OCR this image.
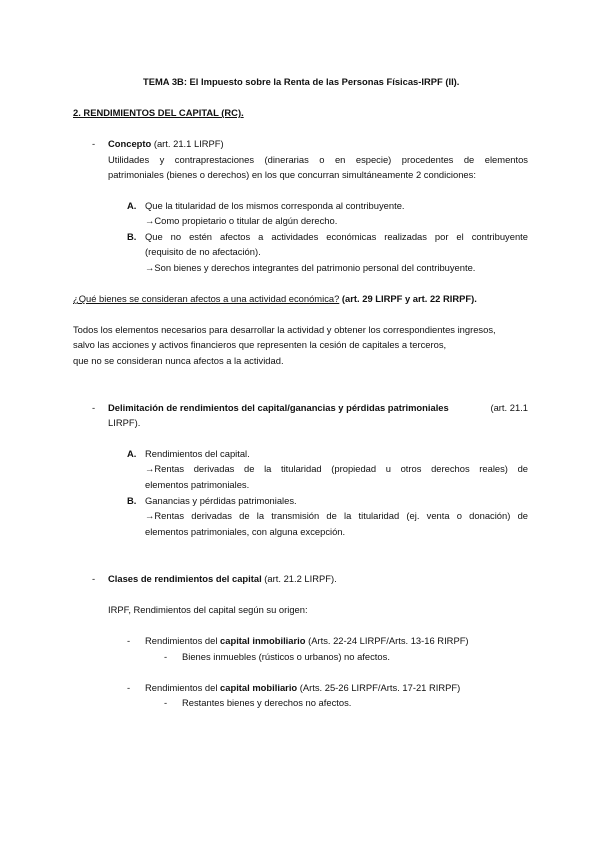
TEMA 3B: El Impuesto sobre la Renta de las Personas Físicas-IRPF (II).
2. RENDIMIENTOS DEL CAPITAL (RC).
- Concepto (art. 21.1 LIRPF)
Utilidades y contraprestaciones (dinerarias o en especie) procedentes de elementos
patrimoniales (bienes o derechos) en los que concurran simultáneamente 2 condiciones:
A. Que la titularidad de los mismos corresponda al contribuyente.
→Como propietario o titular de algún derecho.
B. Que no estén afectos a actividades económicas realizadas por el contribuyente
(requisito de no afectación).
→Son bienes y derechos integrantes del patrimonio personal del contribuyente.
¿Qué bienes se consideran afectos a una actividad económica? (art. 29 LIRPF y art. 22 RIRPF).
Todos los elementos necesarios para desarrollar la actividad y obtener los correspondientes ingresos,
salvo las acciones y activos financieros que representen la cesión de capitales a terceros,
que no se consideran nunca afectos a la actividad.
- Delimitación de rendimientos del capital/ganancias y pérdidas patrimoniales	(art. 21.1
LIRPF).
A. Rendimientos del capital.
→Rentas derivadas de la titularidad (propiedad u otros derechos reales) de
elementos patrimoniales.
B. Ganancias y pérdidas patrimoniales.
→Rentas derivadas de la transmisión de la titularidad (ej. venta o donación) de
elementos patrimoniales, con alguna excepción.
- Clases de rendimientos del capital (art. 21.2 LIRPF).
IRPF, Rendimientos del capital según su origen:
- Rendimientos del capital inmobiliario (Arts. 22-24 LIRPF/Arts. 13-16 RIRPF)
- Bienes inmuebles (rústicos o urbanos) no afectos.
- Rendimientos del capital mobiliario (Arts. 25-26 LIRPF/Arts. 17-21 RIRPF)
- Restantes bienes y derechos no afectos.
